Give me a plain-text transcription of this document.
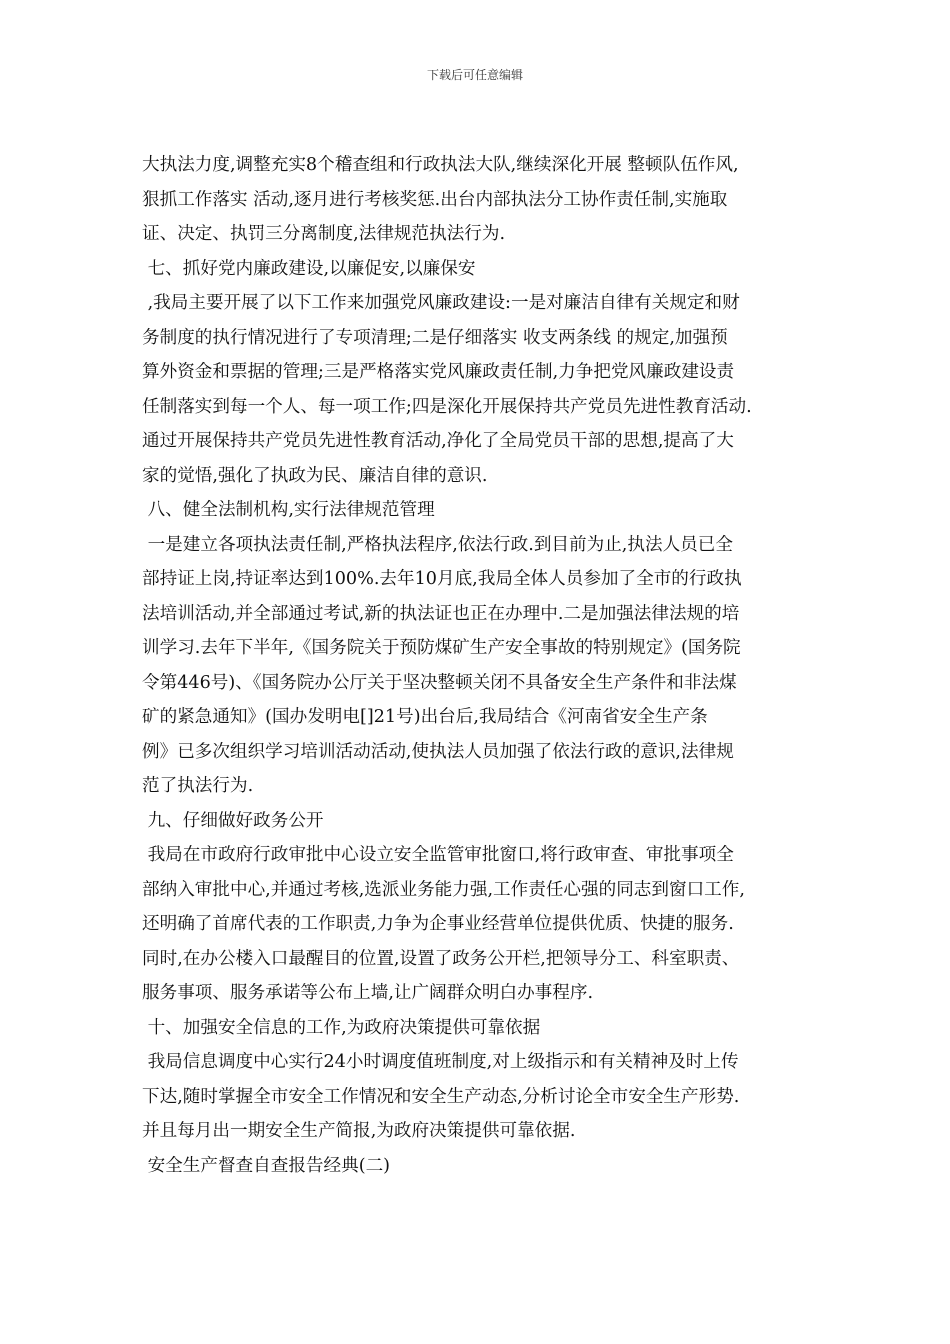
下载后可任意编辑
大执法力度,调整充实8个稽查组和行政执法大队,继续深化开展 整顿队伍作风,
狠抓工作落实 活动,逐月进行考核奖惩.出台内部执法分工协作责任制,实施取
证、决定、执罚三分离制度,法律规范执法行为.
七、抓好党内廉政建设,以廉促安,以廉保安
,我局主要开展了以下工作来加强党风廉政建设:一是对廉洁自律有关规定和财
务制度的执行情况进行了专项清理;二是仔细落实 收支两条线 的规定,加强预
算外资金和票据的管理;三是严格落实党风廉政责任制,力争把党风廉政建设责
任制落实到每一个人、每一项工作;四是深化开展保持共产党员先进性教育活动.
通过开展保持共产党员先进性教育活动,净化了全局党员干部的思想,提高了大
家的觉悟,强化了执政为民、廉洁自律的意识.
八、健全法制机构,实行法律规范管理
一是建立各项执法责任制,严格执法程序,依法行政.到目前为止,执法人员已全
部持证上岗,持证率达到100%.去年10月底,我局全体人员参加了全市的行政执
法培训活动,并全部通过考试,新的执法证也正在办理中.二是加强法律法规的培
训学习.去年下半年,《国务院关于预防煤矿生产安全事故的特别规定》(国务院
令第446号)、《国务院办公厅关于坚决整顿关闭不具备安全生产条件和非法煤
矿的紧急通知》(国办发明电[]21号)出台后,我局结合《河南省安全生产条
例》已多次组织学习培训活动活动,使执法人员加强了依法行政的意识,法律规
范了执法行为.
九、仔细做好政务公开
我局在市政府行政审批中心设立安全监管审批窗口,将行政审查、审批事项全
部纳入审批中心,并通过考核,选派业务能力强,工作责任心强的同志到窗口工作,
还明确了首席代表的工作职责,力争为企事业经营单位提供优质、快捷的服务.
同时,在办公楼入口最醒目的位置,设置了政务公开栏,把领导分工、科室职责、
服务事项、服务承诺等公布上墙,让广阔群众明白办事程序.
十、加强安全信息的工作,为政府决策提供可靠依据
我局信息调度中心实行24小时调度值班制度,对上级指示和有关精神及时上传
下达,随时掌握全市安全工作情况和安全生产动态,分析讨论全市安全生产形势.
并且每月出一期安全生产简报,为政府决策提供可靠依据.
安全生产督查自查报告经典(二)
